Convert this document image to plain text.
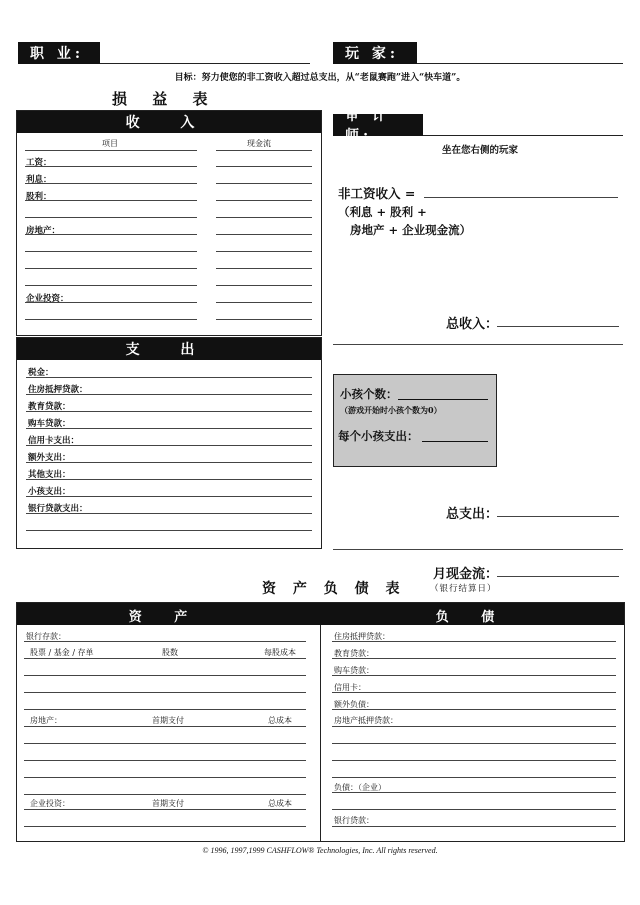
职 业:	玩 家:
目标：努力使您的非工资收入超过总支出，从“老鼠赛跑”进入“快车道”。
损 益 表
收 入
项目	现金流
工资：
利息：
股利：
房地产：
企业投资：
支 出
税金：
住房抵押贷款：
教育贷款：
购车贷款：
信用卡支出：
额外支出：
其他支出：
小孩支出：
银行贷款支出：
审 计 师:
坐在您右侧的玩家
非工资收入 =
（利息 + 股利 +
房地产 + 企业现金流）
总收入：
小孩个数：
（游戏开始时小孩个数为0）
每个小孩支出：
总支出：
月现金流：
（银行结算日）
资 产 负 债 表
资 产	负 债
银行存款：
股票 / 基金 / 存单	股数	每股成本
房地产：	首期支付	总成本
企业投资：	首期支付	总成本
住房抵押贷款：
教育贷款：
购车贷款：
信用卡：
额外负债：
房地产抵押贷款：
负债：（企业）
银行贷款：
© 1996, 1997,1999 CASHFLOW® Technologies, Inc. All rights reserved.
